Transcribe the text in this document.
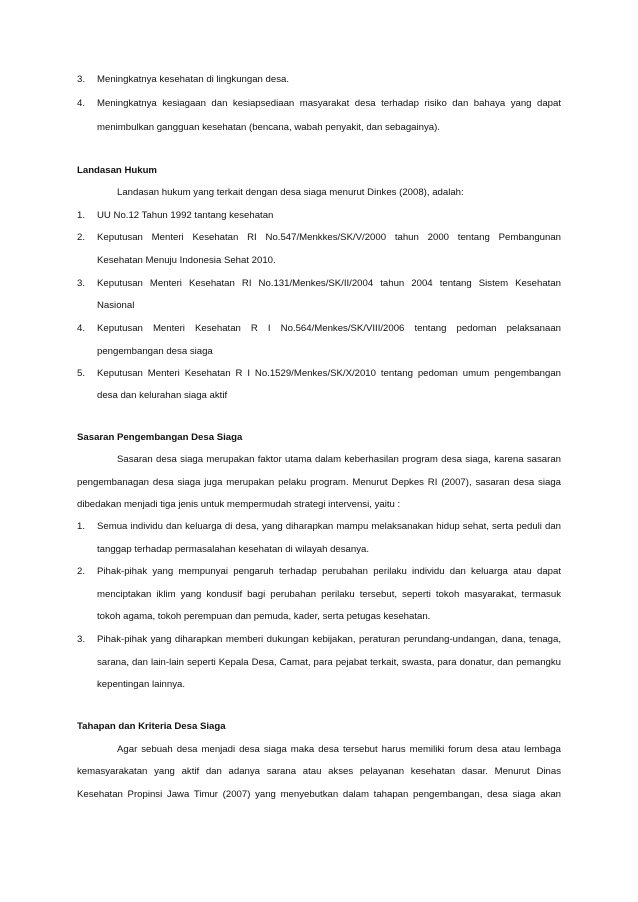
3. Meningkatnya kesehatan di lingkungan desa.
4. Meningkatnya kesiagaan dan kesiapsediaan masyarakat desa terhadap risiko dan bahaya yang dapat
menimbulkan gangguan kesehatan (bencana, wabah penyakit, dan sebagainya).
Landasan Hukum
Landasan hukum yang terkait dengan desa siaga menurut Dinkes (2008), adalah:
1. UU No.12 Tahun 1992 tantang kesehatan
2. Keputusan Menteri Kesehatan RI No.547/Menkkes/SK/V/2000 tahun 2000 tentang Pembangunan
Kesehatan Menuju Indonesia Sehat 2010.
3. Keputusan Menteri Kesehatan RI No.131/Menkes/SK/II/2004 tahun 2004 tentang Sistem Kesehatan
Nasional
4. Keputusan Menteri Kesehatan R I No.564/Menkes/SK/VIII/2006 tentang pedoman pelaksanaan
pengembangan desa siaga
5. Keputusan Menteri Kesehatan R I No.1529/Menkes/SK/X/2010 tentang pedoman umum pengembangan
desa dan kelurahan siaga aktif
Sasaran Pengembangan Desa Siaga
Sasaran desa siaga merupakan faktor utama dalam keberhasilan program desa siaga, karena sasaran
pengembanagan desa siaga juga merupakan pelaku program. Menurut Depkes RI (2007), sasaran desa siaga
dibedakan menjadi tiga jenis untuk mempermudah strategi intervensi, yaitu :
1. Semua individu dan keluarga di desa, yang diharapkan mampu melaksanakan hidup sehat, serta peduli dan
tanggap terhadap permasalahan kesehatan di wilayah desanya.
2. Pihak-pihak yang mempunyai pengaruh terhadap perubahan perilaku individu dan keluarga atau dapat
menciptakan iklim yang kondusif bagi perubahan perilaku tersebut, seperti tokoh masyarakat, termasuk
tokoh agama, tokoh perempuan dan pemuda, kader, serta petugas kesehatan.
3. Pihak-pihak yang diharapkan memberi dukungan kebijakan, peraturan perundang-undangan, dana, tenaga,
sarana, dan lain-lain seperti Kepala Desa, Camat, para pejabat terkait, swasta, para donatur, dan pemangku
kepentingan lainnya.
Tahapan dan Kriteria Desa Siaga
Agar sebuah desa menjadi desa siaga maka desa tersebut harus memiliki forum desa atau lembaga
kemasyarakatan yang aktif dan adanya sarana atau akses pelayanan kesehatan dasar. Menurut Dinas
Kesehatan Propinsi Jawa Timur (2007) yang menyebutkan dalam tahapan pengembangan, desa siaga akan
